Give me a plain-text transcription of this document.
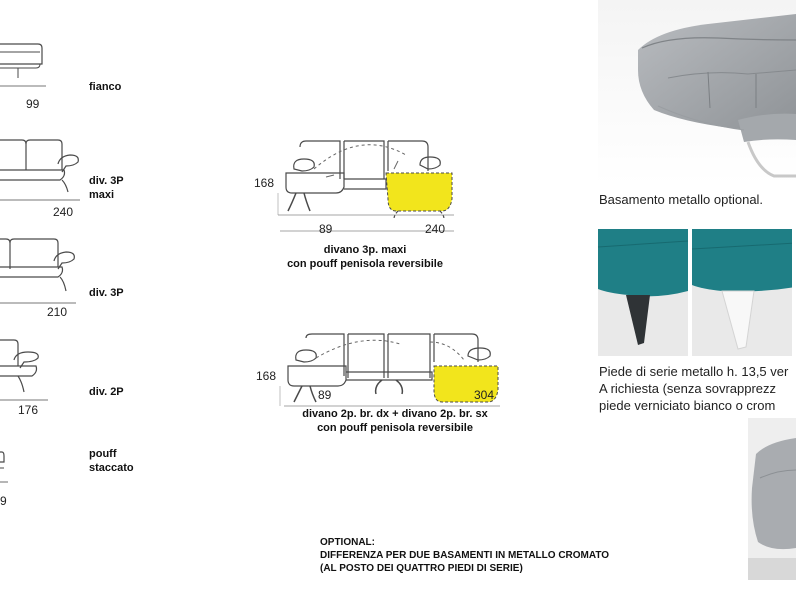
99
fianco
240
div. 3P
maxi
210
div. 3P
176
div. 2P
9
pouff
staccato
168
89	240
divano 3p. maxi
con pouff penisola reversibile
168
89	304
divano 2p. br. dx + divano 2p. br. sx
con pouff penisola reversibile
OPTIONAL:
DIFFERENZA PER DUE BASAMENTI IN METALLO CROMATO
(AL POSTO DEI QUATTRO PIEDI DI SERIE)
Basamento metallo optional.
Piede di serie metallo h. 13,5 ver
A richiesta (senza sovrapprezz
piede verniciato bianco o crom
